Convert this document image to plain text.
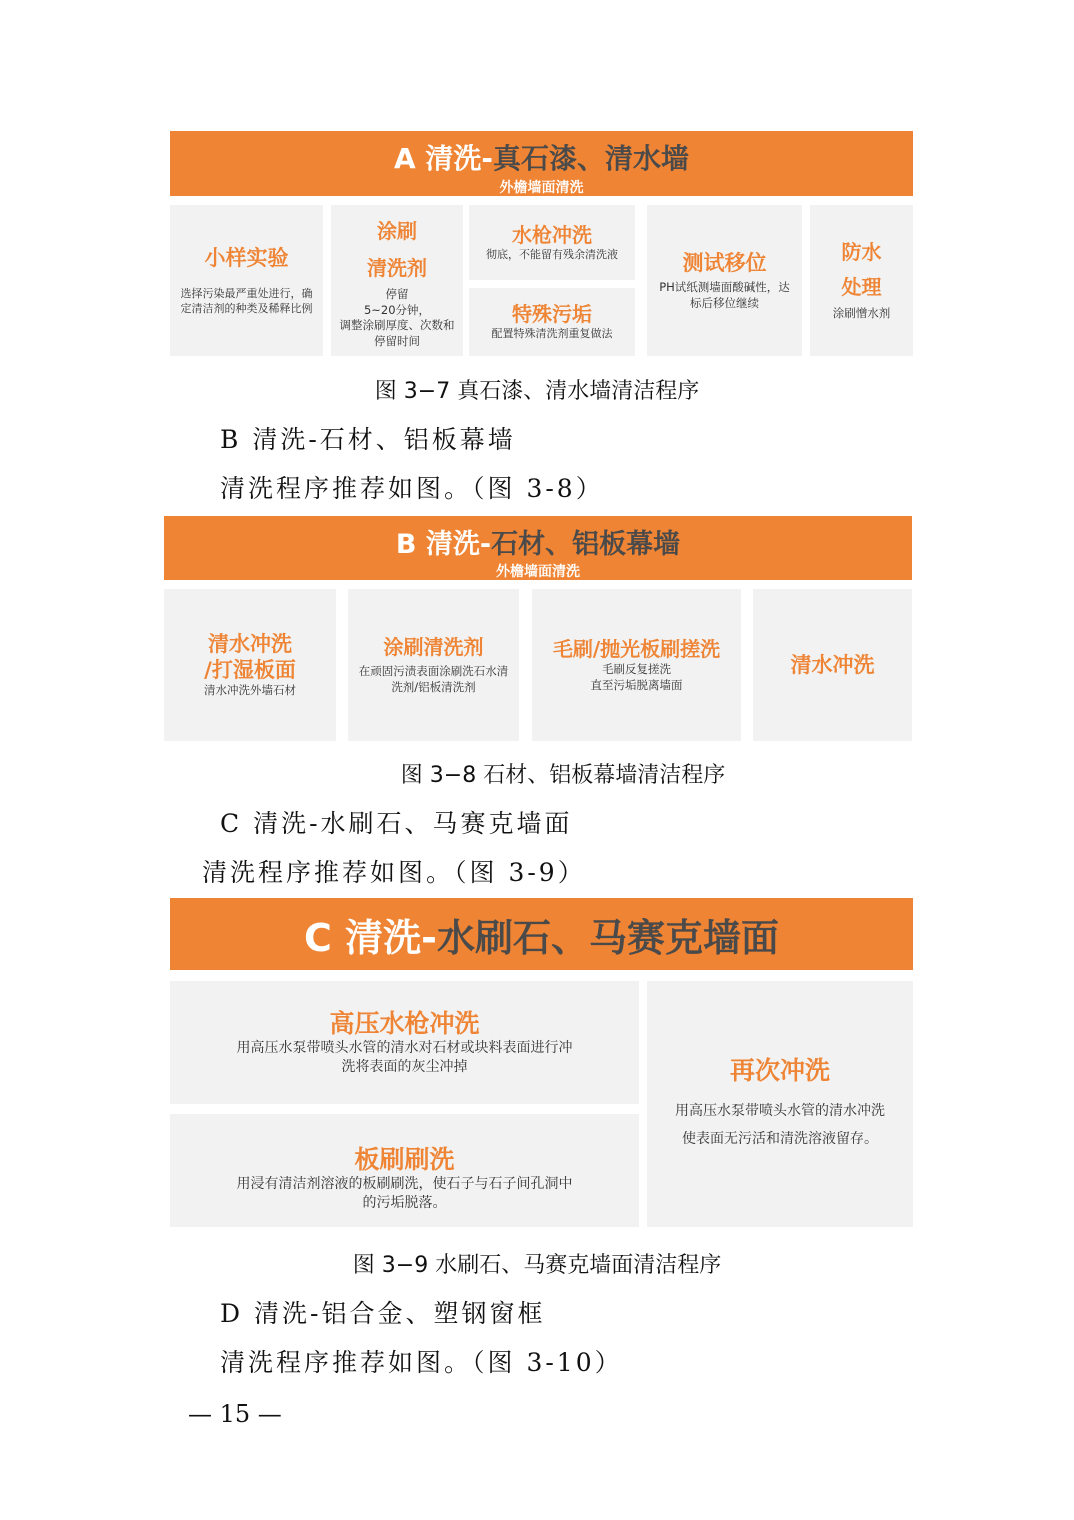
A 清洗-真石漆、清水墙
外檐墙面清洗
小样实验
选择污染最严重处进行，确定清洁剂的种类及稀释比例
涂刷
清洗剂
停留
5~20分钟，
调整涂刷厚度、次数和停留时间
水枪冲洗
彻底，不能留有残余清洗液
特殊污垢
配置特殊清洗剂重复做法
测试移位
PH试纸测墙面酸碱性，达标后移位继续
防水
处理
涂刷憎水剂
图 3−7 真石漆、清水墙清洁程序
B 清洗-石材、铝板幕墙
清洗程序推荐如图。（图 3-8）
B 清洗-石材、铝板幕墙
外檐墙面清洗
清水冲洗
/打湿板面
清水冲洗外墙石材
涂刷清洗剂
在顽固污渍表面涂刷洗石水清洗剂/铝板清洗剂
毛刷/抛光板刷搓洗
毛刷反复搓洗
直至污垢脱离墙面
清水冲洗
图 3−8 石材、铝板幕墙清洁程序
C 清洗-水刷石、马赛克墙面
清洗程序推荐如图。（图 3-9）
C 清洗-水刷石、马赛克墙面
高压水枪冲洗
用高压水泵带喷头水管的清水对石材或块料表面进行冲洗将表面的灰尘冲掉
板刷刷洗
用浸有清洁剂溶液的板刷刷洗，使石子与石子间孔洞中的污垢脱落。
再次冲洗
用高压水泵带喷头水管的清水冲洗
使表面无污活和清洗溶液留存。
图 3−9 水刷石、马赛克墙面清洁程序
D 清洗-铝合金、塑钢窗框
清洗程序推荐如图。（图 3-10）
— 15 —
